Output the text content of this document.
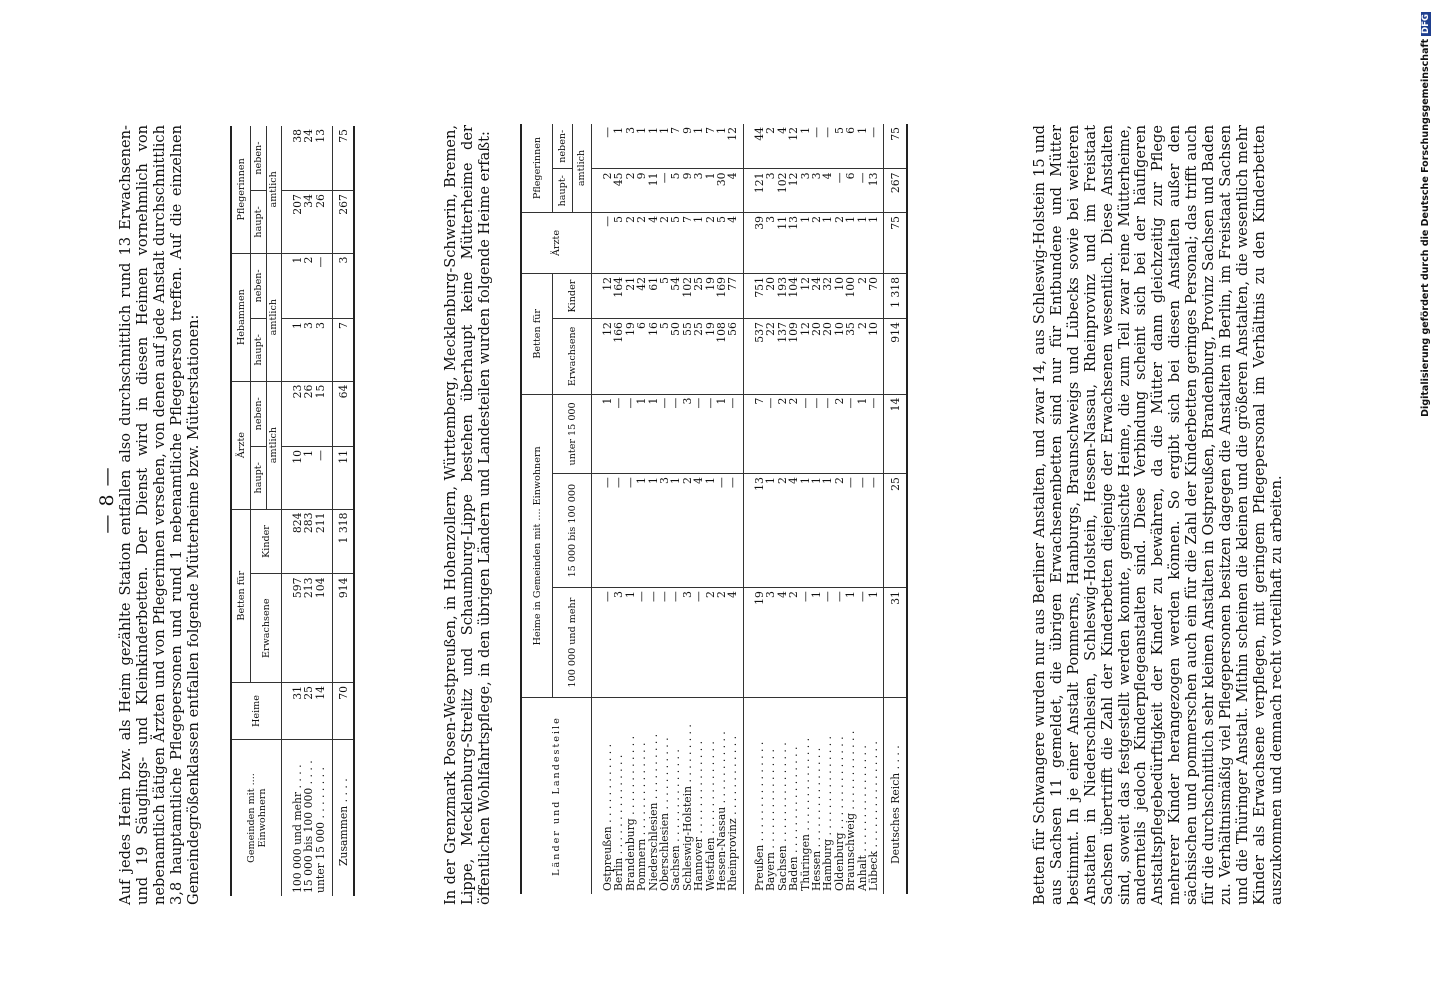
— 8 — Auf jedes Heim bzw. als Heim gezählte Station entfallen also durchschnittlich rund 13 Erwachsenen- und 19 Säuglings- und Kleinkinderbetten. Der Dienst wird in diesen Heimen vornehmlich von nebenamtlich tätigen Ärzten und von Pflegerinnen versehen, von denen auf jede Anstalt durchschnittlich 3,8 hauptamtliche Pflegepersonen und rund 1 nebenamtliche Pflegeperson treffen. Auf die einzelnen Gemeindegrößenklassen entfallen folgende Mütterheime bzw. Mütterstationen:	Gemeinden mit .... Einwohnern	Heime	Betten für		Ärzte		Hebammen		Pflegerinnen	
		Erwachsene	Kinder	haupt-	neben-	haupt-	neben-	haupt-	neben-
				amtlich		amtlich		amtlich	
100 000 und mehr . . . .	31	597	824	10	23	1	1	207	38
15 000 bis 100 000 . . . .	25	213	283	1	26	3	2	34	24
unter 15 000 . . . . . . . .	14	104	211	—	15	3	—	26	13
Zusammen . . . .	70	914	1 318	11	64	7	3	267	75	In der Grenzmark Posen-Westpreußen, in Hohenzollern, Württemberg, Mecklenburg-Schwerin, Bremen, Lippe, Mecklenburg-Strelitz und Schaumburg-Lippe bestehen überhaupt keine Mütterheime der öffentlichen Wohlfahrtspflege, in den übrigen Ländern und Landesteilen wurden folgende Heime erfaßt:	Länder und Landesteile	Heime in Gemeinden mit .... Einwohnern			Betten für		Ärzte	Pflegerinnen	
	100 000 und mehr	15 000 bis 100 000	unter 15 000	Erwachsene	Kinder		haupt-	neben-
							amtlich	
Ostpreußen . . . . . . . . . . . .	—	—	1	12	12	—	2	—
Berlin . . . . . . . . . . . . . . .	3	—	—	166	164	5	45	1
Brandenburg . . . . . . . . . . . .	1	—	—	19	21	2	2	3
Pommern . . . . . . . . . . . . . .	—	1	1	6	42	2	9	1
Niederschlesien . . . . . . . . . .	—	1	1	16	61	4	11	1
Oberschlesien . . . . . . . . . . .	—	3	—	5	5	2	—	1
Sachsen . . . . . . . . . . . . . .	—	1	—	50	54	5	5	7
Schleswig-Holstein . . . . . . . . .	3	2	3	55	102	7	9	9
Hannover . . . . . . . . . . . . . .	—	4	—	25	25	1	3	1
Westfalen . . . . . . . . . . . . . .	2	1	—	19	19	2	1	7
Hessen-Nassau . . . . . . . . . . .	2	—	1	108	169	5	30	1
Rheinprovinz . . . . . . . . . . . .	4	—	—	56	77	4	4	12
Preußen . . . . . . . . . . . . . . .	19	13	7	537	751	39	121	44
Bayern . . . . . . . . . . . . . . .	3	1	—	22	20	3	3	2
Sachsen . . . . . . . . . . . . . . .	4	2	2	137	193	11	102	4
Baden . . . . . . . . . . . . . . . .	2	4	2	109	104	13	12	12
Thüringen . . . . . . . . . . . . . .	—	1	—	12	12	1	3	1
Hessen . . . . . . . . . . . . . . .	1	1	—	20	24	2	3	—
Hamburg . . . . . . . . . . . . . . .	—	1	—	20	32	1	4	—
Oldenburg . . . . . . . . . . . . . .	—	2	2	10	10	2	—	5
Braunschweig . . . . . . . . . . . .	1	—	—	35	100	1	6	6
Anhalt . . . . . . . . . . . . . . . .	—	—	1	2	2	1	—	1
Lübeck . . . . . . . . . . . . . . . .	1	—	—	10	70	1	13	—
Deutsches Reich . . . .	31	25	14	914	1 318	75	267	75	Betten für Schwangere wurden nur aus Berliner Anstalten, und zwar 14, aus Schleswig-Holstein 15 und aus Sachsen 11 gemeldet, die übrigen Erwachsenenbetten sind nur für Entbundene und Mütter bestimmt. In je einer Anstalt Pommerns, Hamburgs, Braunschweigs und Lübecks sowie bei weiteren Anstalten in Niederschlesien, Schleswig-Holstein, Hessen-Nassau, Rheinprovinz und im Freistaat Sachsen übertrifft die Zahl der Kinderbetten diejenige der Erwachsenen wesentlich. Diese Anstalten sind, soweit das festgestellt werden konnte, gemischte Heime, die zum Teil zwar reine Mütterheime, andernteils jedoch Kinderpflegeanstalten sind. Diese Verbindung scheint sich bei der häufigeren Anstaltspflegebedürftigkeit der Kinder zu bewähren, da die Mütter dann gleichzeitig zur Pflege mehrerer Kinder herangezogen werden können. So ergibt sich bei diesen Anstalten außer den sächsischen und pommerschen auch ein für die Zahl der Kinderbetten geringes Personal; das trifft auch für die durchschnittlich sehr kleinen Anstalten in Ostpreußen, Brandenburg, Provinz Sachsen und Baden zu. Verhältnismäßig viel Pflegepersonen besitzen dagegen die Anstalten in Berlin, im Freistaat Sachsen und die Thüringer Anstalt. Mithin scheinen die kleinen und die größeren Anstalten, die wesentlich mehr Kinder als Erwachsene verpflegen, mit geringem Pflegepersonal im Verhältnis zu den Kinderbetten auszukommen und demnach recht vorteilhaft zu arbeiten.
Digitalisierung gefördert durch die Deutsche ForschungsgemeinschaftDFG
